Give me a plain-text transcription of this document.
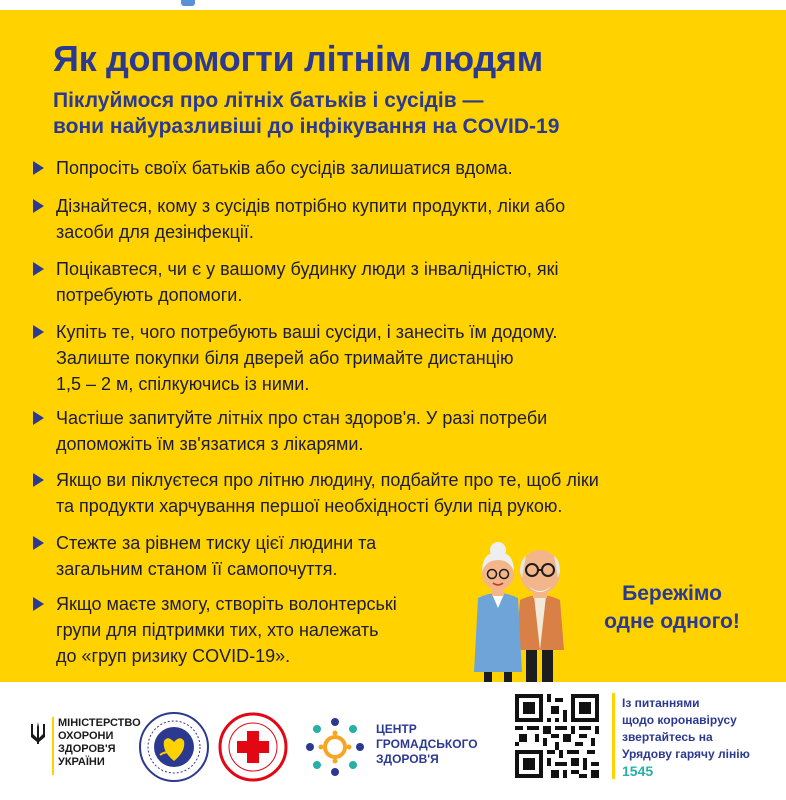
Як допомогти літнім людям
Піклуймося про літніх батьків і сусідів —
вони найуразливіші до інфікування на COVID-19
Попросіть своїх батьків або сусідів залишатися вдома.
Дізнайтеся, кому з сусідів потрібно купити продукти, ліки або
засоби для дезінфекції.
Поцікавтеся, чи є у вашому будинку люди з інвалідністю, які
потребують допомоги.
Купіть те, чого потребують ваші сусіди, і занесіть їм додому.
Залиште покупки біля дверей або тримайте дистанцію
1,5 – 2 м, спілкуючись із ними.
Частіше запитуйте літніх про стан здоров'я. У разі потреби
допоможіть їм зв'язатися з лікарями.
Якщо ви піклуєтеся про літню людину, подбайте про те, щоб ліки
та продукти харчування першої необхідності були під рукою.
Стежте за рівнем тиску цієї людини та
загальним станом її самопочуття.
Якщо маєте змогу, створіть волонтерські
групи для підтримки тих, хто належать
до «груп ризику COVID-19».
Бережімо
одне одного!
МІНІСТЕРСТВО
ОХОРОНИ
ЗДОРОВ'Я
УКРАЇНИ
ЦЕНТР
ГРОМАДСЬКОГО
ЗДОРОВ'Я
Із питаннями
щодо коронавірусу
звертайтесь на
Урядову гарячу лінію
1545
